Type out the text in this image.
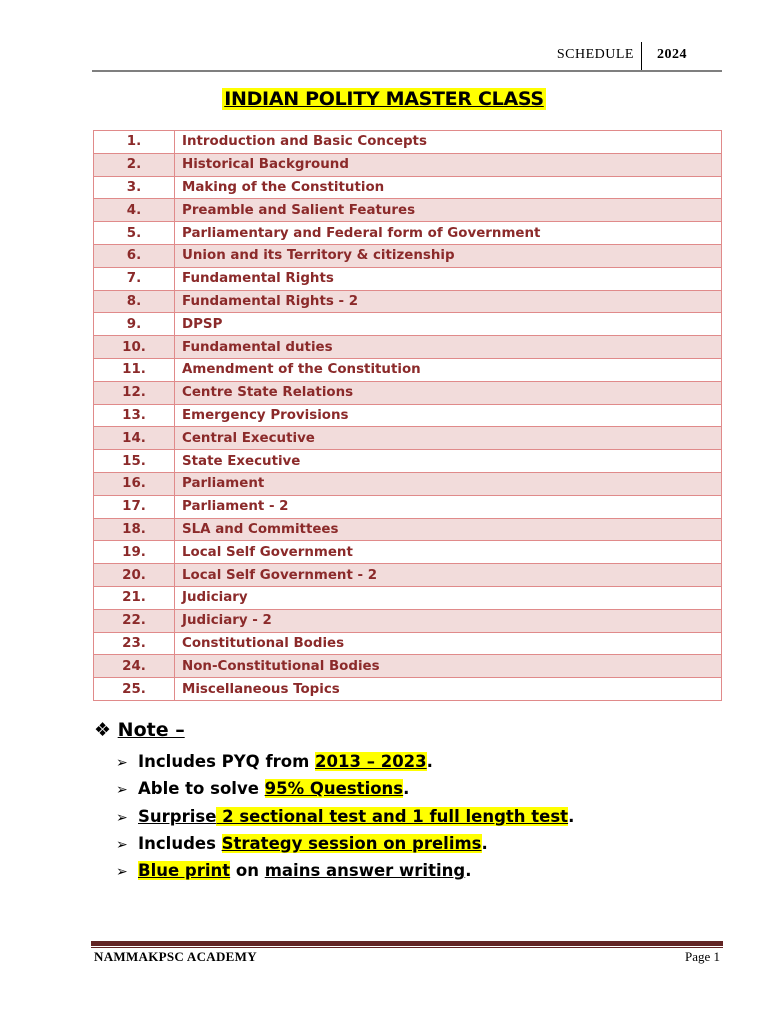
SCHEDULE 2024
INDIAN POLITY MASTER CLASS
1.	Introduction and Basic Concepts
2.	Historical Background
3.	Making of the Constitution
4.	Preamble and Salient Features
5.	Parliamentary and Federal form of Government
6.	Union and its Territory & citizenship
7.	Fundamental Rights
8.	Fundamental Rights - 2
9.	DPSP
10.	Fundamental duties
11.	Amendment of the Constitution
12.	Centre State Relations
13.	Emergency Provisions
14.	Central Executive
15.	State Executive
16.	Parliament
17.	Parliament - 2
18.	SLA and Committees
19.	Local Self Government
20.	Local Self Government - 2
21.	Judiciary
22.	Judiciary - 2
23.	Constitutional Bodies
24.	Non-Constitutional Bodies
25.	Miscellaneous Topics
❖ Note –
➢ Includes PYQ from 2013 – 2023.
➢ Able to solve 95% Questions.
➢ Surprise 2 sectional test and 1 full length test.
➢ Includes Strategy session on prelims.
➢ Blue print on mains answer writing.
NAMMAKPSC ACADEMY	Page 1
